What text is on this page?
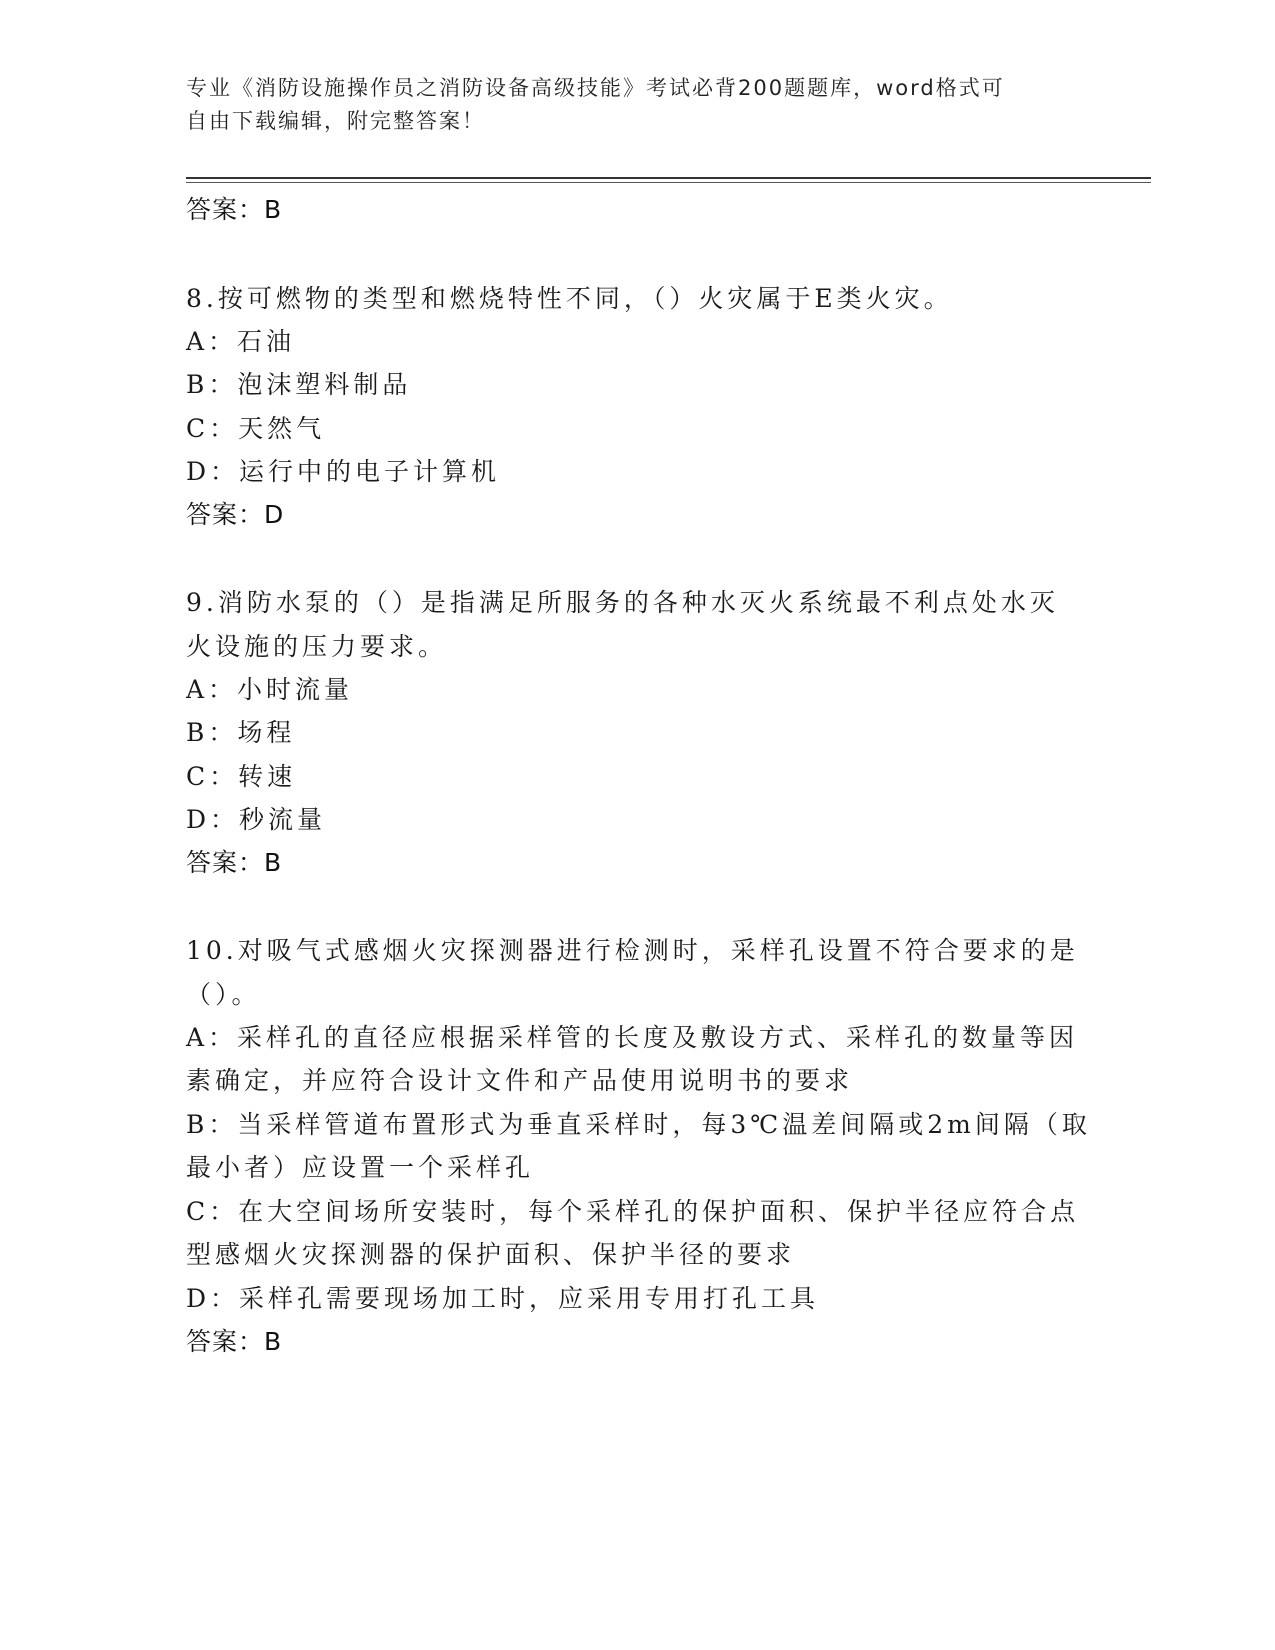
专业《消防设施操作员之消防设备高级技能》考试必背200题题库，word格式可
自由下载编辑，附完整答案！
答案：B
8.按可燃物的类型和燃烧特性不同，（）火灾属于E类火灾。
A：石油
B：泡沫塑料制品
C：天然气
D：运行中的电子计算机
答案：D
9.消防水泵的（）是指满足所服务的各种水灭火系统最不利点处水灭
火设施的压力要求。
A：小时流量
B：场程
C：转速
D：秒流量
答案：B
10.对吸气式感烟火灾探测器进行检测时，采样孔设置不符合要求的是
（）。
A：采样孔的直径应根据采样管的长度及敷设方式、采样孔的数量等因
素确定，并应符合设计文件和产品使用说明书的要求
B：当采样管道布置形式为垂直采样时，每3℃温差间隔或2m间隔（取
最小者）应设置一个采样孔
C：在大空间场所安装时，每个采样孔的保护面积、保护半径应符合点
型感烟火灾探测器的保护面积、保护半径的要求
D：采样孔需要现场加工时，应采用专用打孔工具
答案：B
